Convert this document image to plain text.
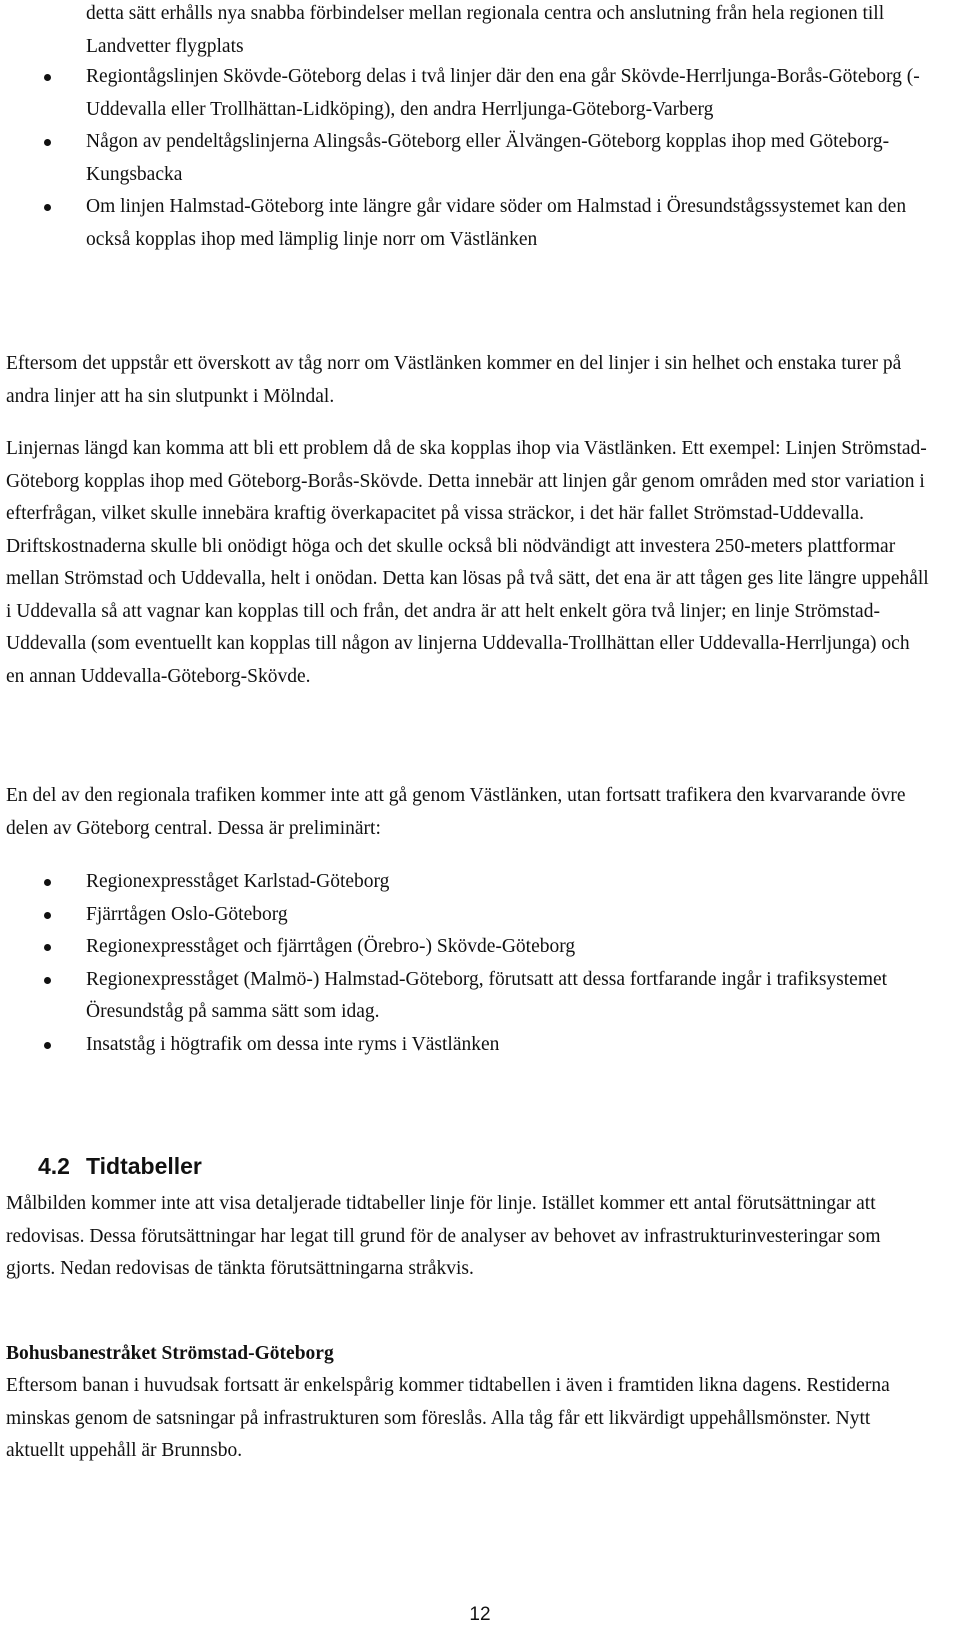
detta sätt erhålls nya snabba förbindelser mellan regionala centra och anslutning från hela regionen till Landvetter flygplats

Regiontågslinjen Skövde-Göteborg delas i två linjer där den ena går Skövde-Herrljunga-Borås-Göteborg (-Uddevalla eller Trollhättan-Lidköping), den andra Herrljunga-Göteborg-Varberg
Någon av pendeltågslinjerna Alingsås-Göteborg eller Älvängen-Göteborg kopplas ihop med Göteborg-Kungsbacka
Om linjen Halmstad-Göteborg inte längre går vidare söder om Halmstad i Öresundstågssystemet kan den också kopplas ihop med lämplig linje norr om Västlänken

Eftersom det uppstår ett överskott av tåg norr om Västlänken kommer en del linjer i sin helhet och enstaka turer på andra linjer att ha sin slutpunkt i Mölndal.

Linjernas längd kan komma att bli ett problem då de ska kopplas ihop via Västlänken. Ett exempel: Linjen Strömstad-Göteborg kopplas ihop med Göteborg-Borås-Skövde. Detta innebär att linjen går genom områden med stor variation i efterfrågan, vilket skulle innebära kraftig överkapacitet på vissa sträckor, i det här fallet Strömstad-Uddevalla. Driftskostnaderna skulle bli onödigt höga och det skulle också bli nödvändigt att investera 250-meters plattformar mellan Strömstad och Uddevalla, helt i onödan. Detta kan lösas på två sätt, det ena är att tågen ges lite längre uppehåll i Uddevalla så att vagnar kan kopplas till och från, det andra är att helt enkelt göra två linjer; en linje Strömstad-Uddevalla (som eventuellt kan kopplas till någon av linjerna Uddevalla-Trollhättan eller Uddevalla-Herrljunga) och en annan Uddevalla-Göteborg-Skövde.

En del av den regionala trafiken kommer inte att gå genom Västlänken, utan fortsatt trafikera den kvarvarande övre delen av Göteborg central. Dessa är preliminärt:

Regionexpresståget Karlstad-Göteborg
Fjärrtågen Oslo-Göteborg
Regionexpresståget och fjärrtågen (Örebro-) Skövde-Göteborg
Regionexpresståget (Malmö-) Halmstad-Göteborg, förutsatt att dessa fortfarande ingår i trafiksystemet Öresundståg på samma sätt som idag.
Insatståg i högtrafik om dessa inte ryms i Västlänken
4.2 Tidtabeller

Målbilden kommer inte att visa detaljerade tidtabeller linje för linje. Istället kommer ett antal förutsättningar att redovisas. Dessa förutsättningar har legat till grund för de analyser av behovet av infrastrukturinvesteringar som gjorts. Nedan redovisas de tänkta förutsättningarna stråkvis.

Bohusbanestråket Strömstad-Göteborg

Eftersom banan i huvudsak fortsatt är enkelspårig kommer tidtabellen i även i framtiden likna dagens. Restiderna minskas genom de satsningar på infrastrukturen som föreslås. Alla tåg får ett likvärdigt uppehållsmönster. Nytt aktuellt uppehåll är Brunnsbo.

12
